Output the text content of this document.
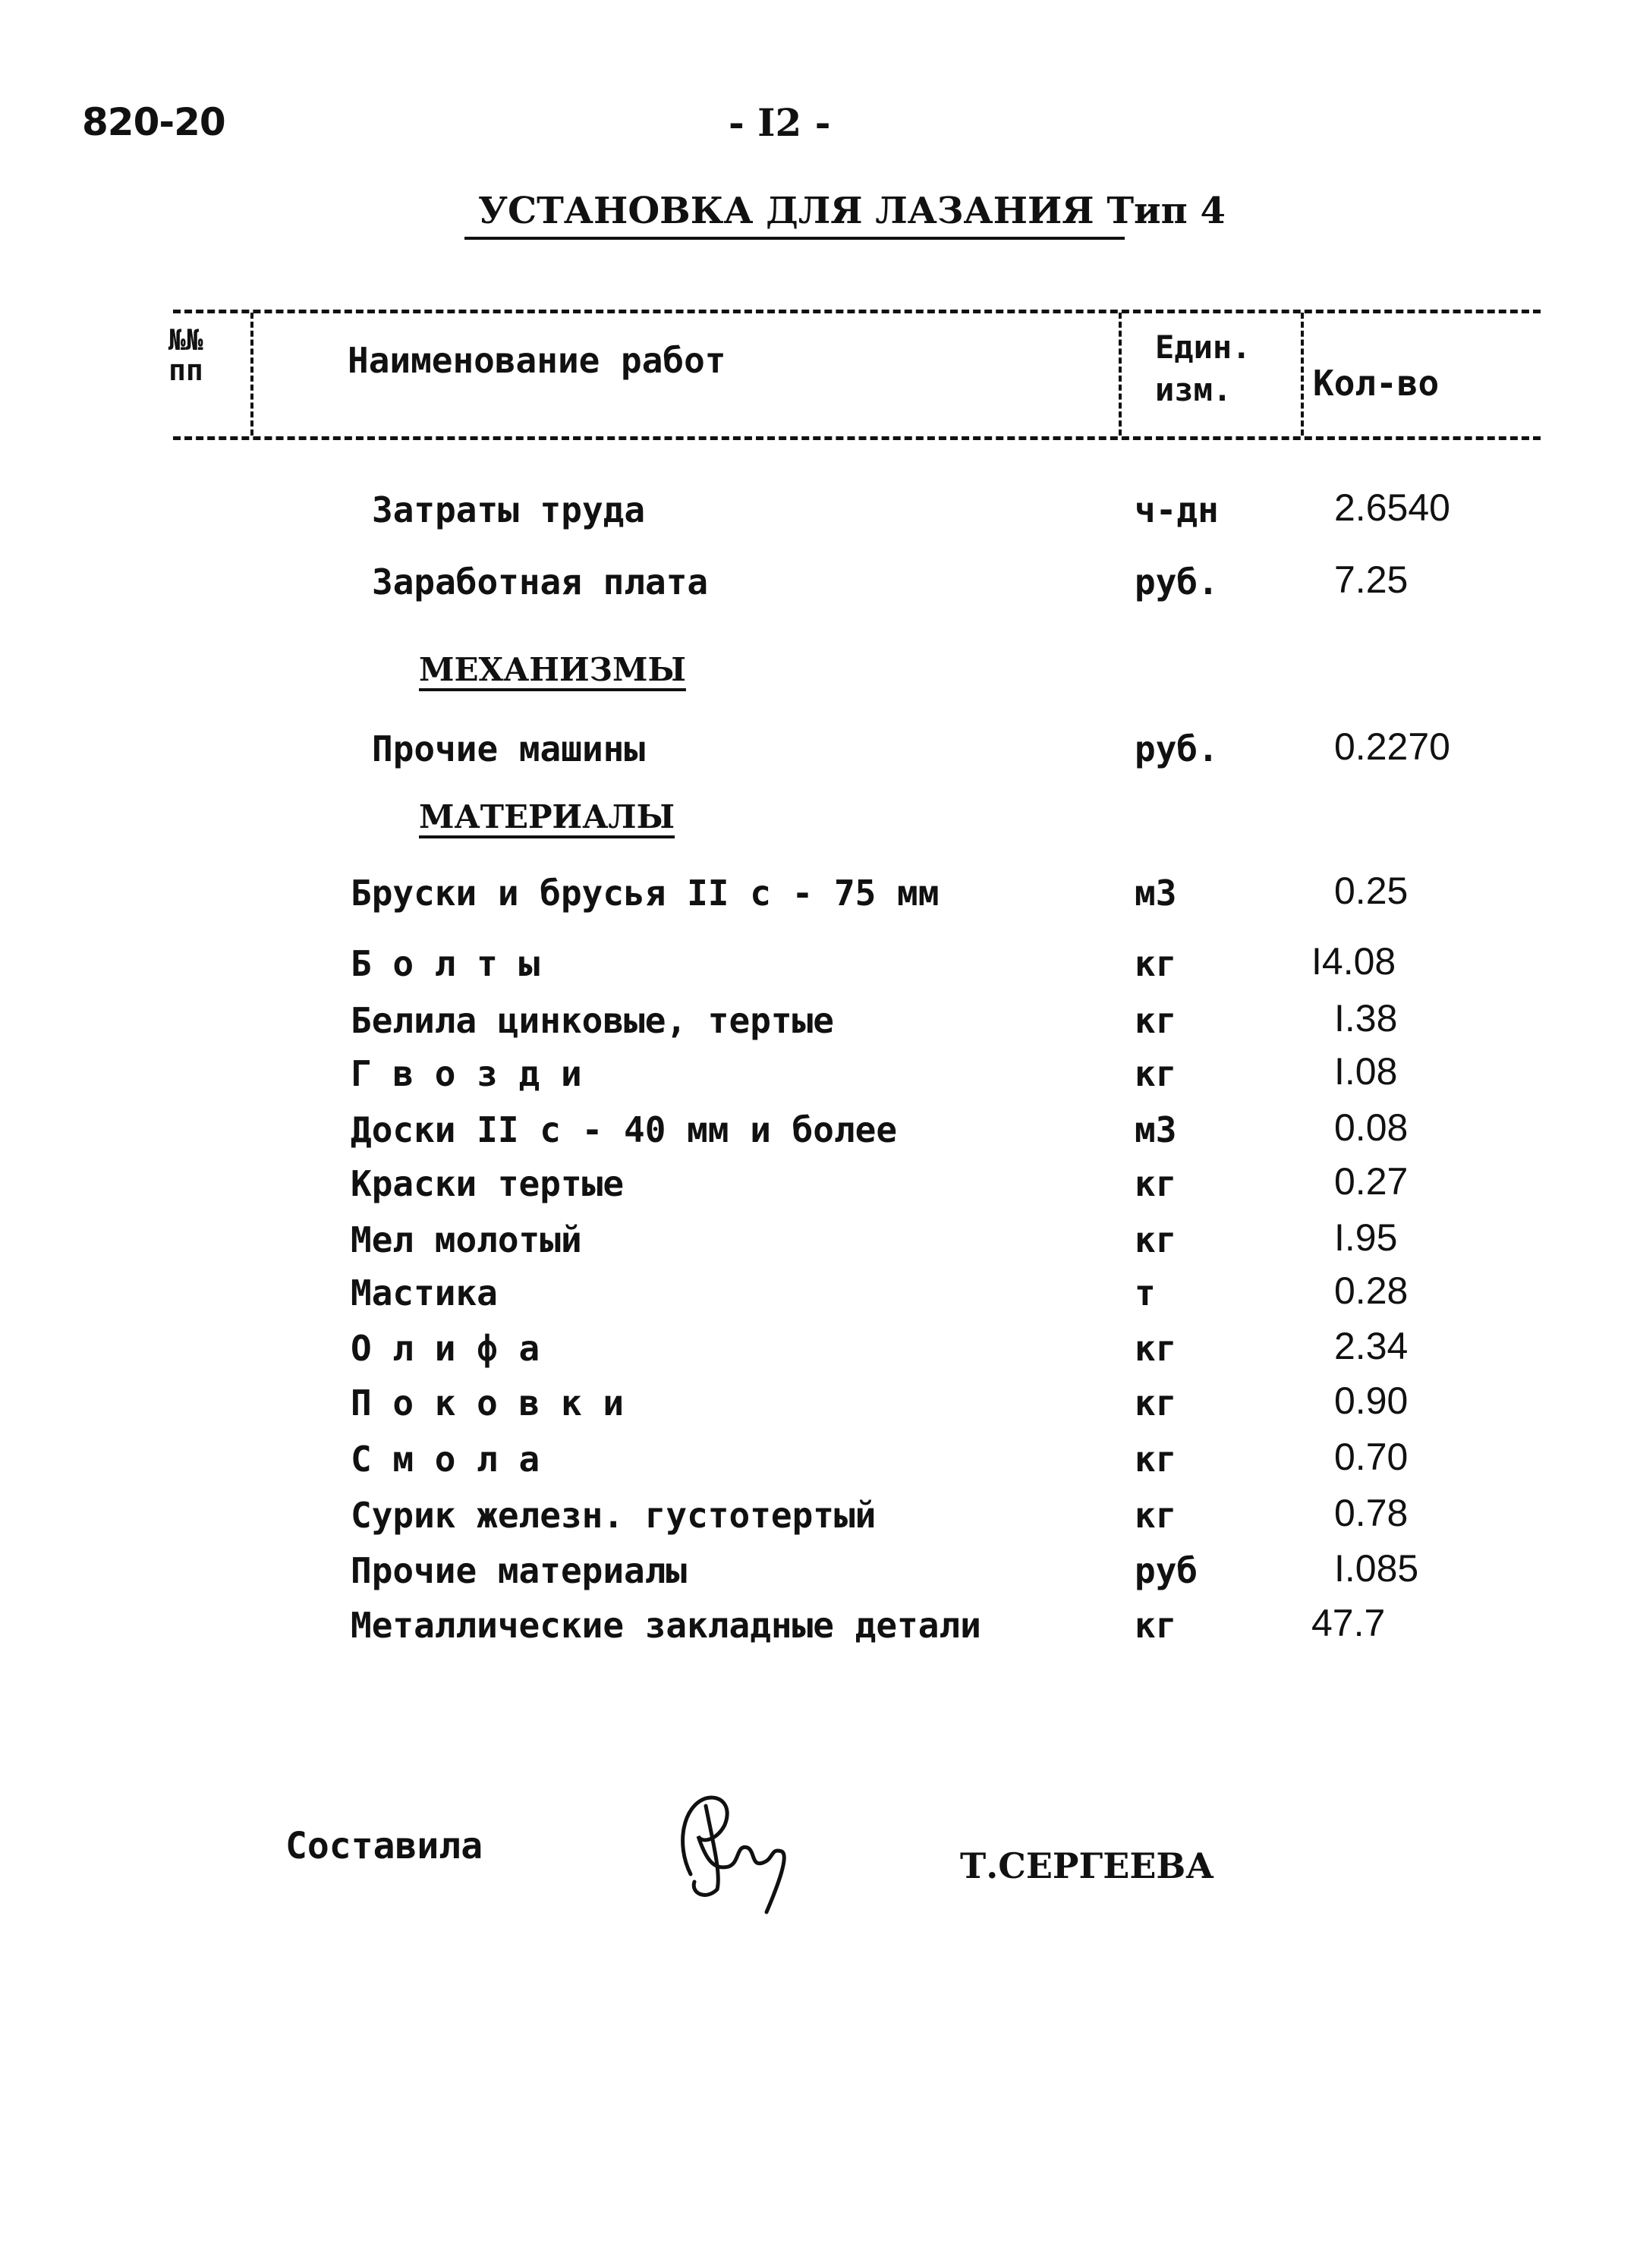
820-20	- I2 -
УСТАНОВКА ДЛЯ ЛАЗАНИЯ Тип 4
№№ пп	Наименование работ	Един. изм.	Кол-во
Затраты труда	ч-дн	2.6540
Заработная плата	руб.	7.25
МЕХАНИЗМЫ
Прочие машины	руб.	0.2270
МАТЕРИАЛЫ
Бруски и брусья II с - 75 мм	м3	0.25
Б о л т ы	кг	I4.08
Белила цинковые, тертые	кг	I.38
Г в о з д и	кг	I.08
Доски II с - 40 мм и более	м3	0.08
Краски тертые	кг	0.27
Мел молотый	кг	I.95
Мастика	т	0.28
О л и ф а	кг	2.34
П о к о в к и	кг	0.90
С м о л а	кг	0.70
Сурик железн. густотертый	кг	0.78
Прочие материалы	руб	I.085
Металлические закладные детали	кг	47.7
Составила	Т.СЕРГЕЕВА
